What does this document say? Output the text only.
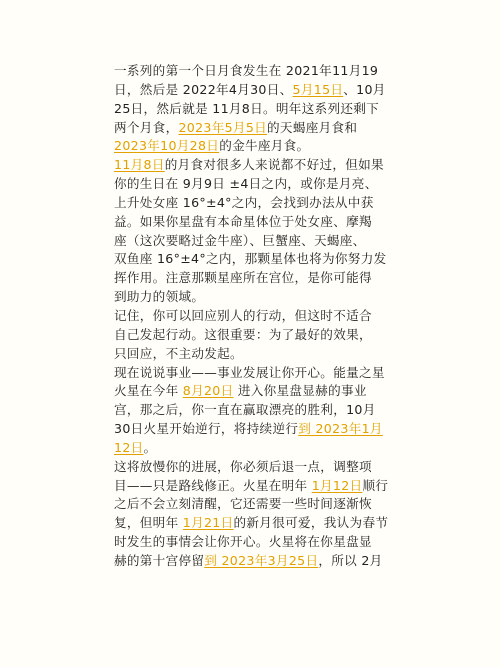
一系列的第一个日月食发生在 2021年11月19
日，然后是 2022年4月30日、5月15日、10月
25日，然后就是 11月8日。明年这系列还剩下
两个月食，2023年5月5日的天蝎座月食和
2023年10月28日的金牛座月食。

11月8日的月食对很多人来说都不好过，但如果
你的生日在 9月9日 ±4日之内，或你是月亮、
上升处女座 16°±4°之内，会找到办法从中获
益。如果你星盘有本命星体位于处女座、摩羯
座（这次要略过金牛座）、巨蟹座、天蝎座、
双鱼座 16°±4°之内，那颗星体也将为你努力发
挥作用。注意那颗星座所在宫位，是你可能得
到助力的领域。

记住，你可以回应别人的行动，但这时不适合
自己发起行动。这很重要：为了最好的效果，
只回应，不主动发起。

现在说说事业——事业发展让你开心。能量之星
火星在今年 8月20日 进入你星盘显赫的事业
宫，那之后，你一直在赢取漂亮的胜利，10月
30日火星开始逆行，将持续逆行到 2023年1月
12日。

这将放慢你的进展，你必须后退一点，调整项
目——只是路线修正。火星在明年 1月12日顺行
之后不会立刻清醒，它还需要一些时间逐渐恢
复，但明年 1月21日的新月很可爱，我认为春节
时发生的事情会让你开心。火星将在你星盘显
赫的第十宫停留到 2023年3月25日，所以 2月
